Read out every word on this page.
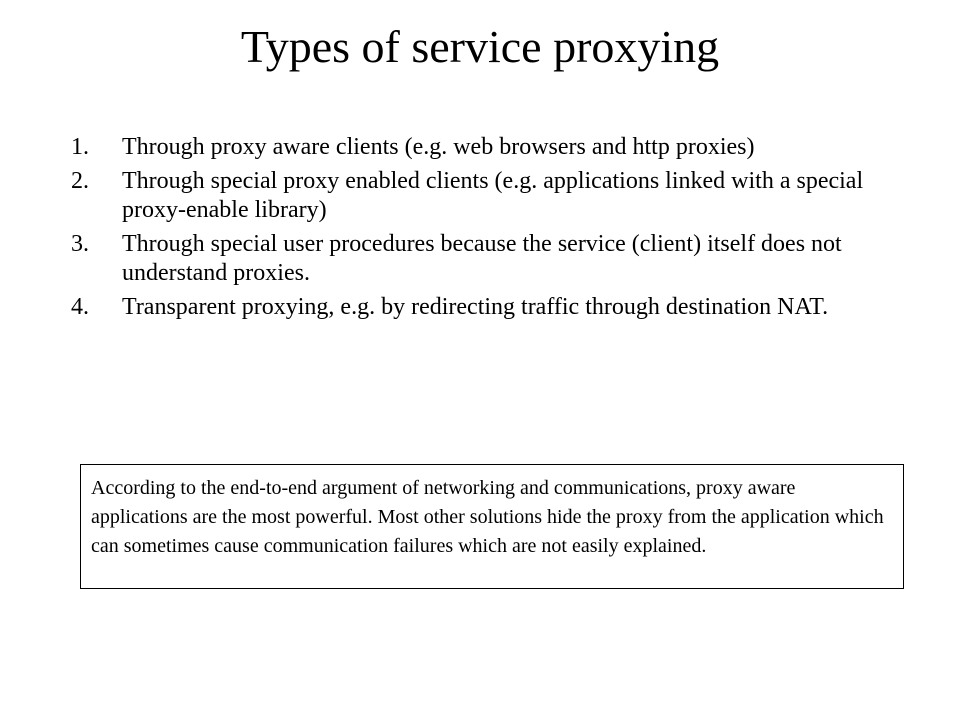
Types of service proxying
1. Through proxy aware clients (e.g. web browsers and http proxies)
2. Through special proxy enabled clients (e.g. applications linked with a special proxy-enable library)
3. Through special user procedures because the service (client) itself does not understand proxies.
4. Transparent proxying, e.g. by redirecting traffic through destination NAT.
According to the end-to-end argument of networking and communications, proxy aware applications are the most powerful. Most other solutions hide the proxy from the application which can sometimes cause communication failures which are not easily explained.
